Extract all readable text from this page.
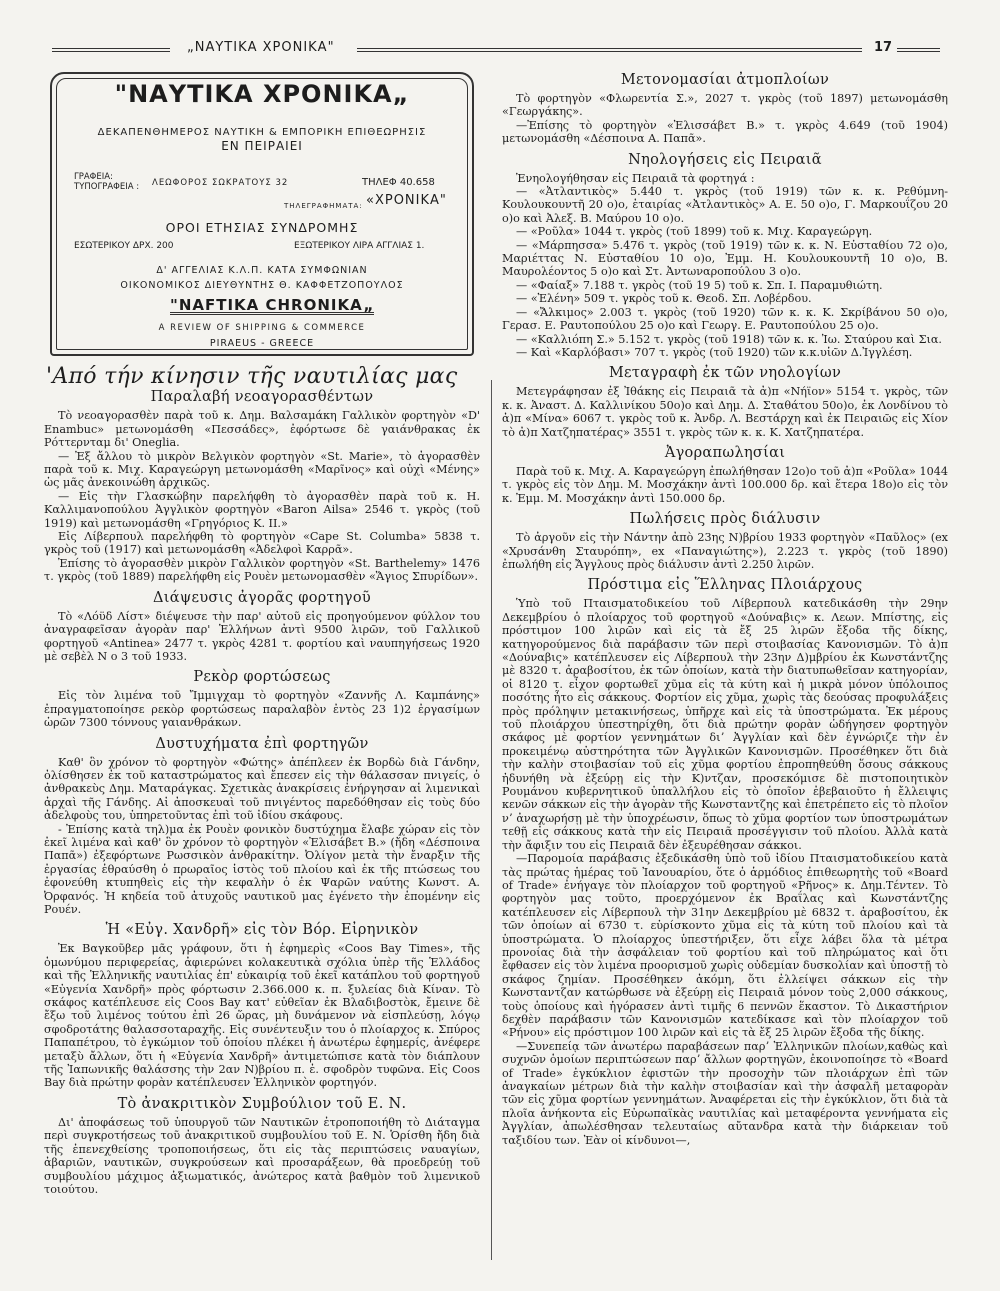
„ΝΑΥΤΙΚΑ ΧΡΟΝΙΚΑ"	17
"ΝΑΥΤΙΚΑ ΧΡΟΝΙΚΑ„
ΔΕΚΑΠΕΝΘΗΜΕΡΟΣ ΝΑΥΤΙΚΗ & ΕΜΠΟΡΙΚΗ ΕΠΙΘΕΩΡΗΣΙΣ
ΕΝ ΠΕΙΡΑΙΕΙ
ΓΡΑΦΕΙΑ:
ΤΥΠΟΓΡΑΦΕΙΑ : ΛΕΩΦΟΡΟΣ ΣΩΚΡΑΤΟΥΣ 32	ΤΗΛΕΦ 40.658
ΤΗΛΕΓΡΑΦΗΜΑΤΑ: «ΧΡΟΝΙΚΑ"
ΟΡΟΙ ΕΤΗΣΙΑΣ ΣΥΝΔΡΟΜΗΣ
ΕΣΩΤΕΡΙΚΟΥ ΔΡΧ. 200	ΕΞΩΤΕΡΙΚΟΥ ΛΙΡΑ ΑΓΓΛΙΑΣ 1.
Δ' ΑΓΓΕΛΙΑΣ Κ.Λ.Π. ΚΑΤΑ ΣΥΜΦΩΝΙΑΝ
ΟΙΚΟΝΟΜΙΚΟΣ ΔΙΕΥΘΥΝΤΗΣ Θ. ΚΑΦΦΕΤΖΟΠΟΥΛΟΣ
"NAFTIKA CHRONIKA„
A REVIEW OF SHIPPING & COMMERCE
PIRAEUS - GREECE
'Από τήν κίνησιν τῆς ναυτιλίας μας
Παραλαβή νεοαγορασθέντων

Τὸ νεοαγορασθὲν παρὰ τοῦ κ. Δημ. Βαλσαμάκη Γαλλικὸν φορτηγὸν «D' Enambuc» μετωνομάσθη «Πεσσάδες», ἐφόρτωσε δὲ γαιάνθρακας ἐκ Ρόττερνταμ δι' Oneglia.

— Ἐξ ἄλλου τὸ μικρὸν Βελγικὸν φορτηγὸν «St. Marie», τὸ ἀγορασθὲν παρὰ τοῦ κ. Μιχ. Καραγεώργη μετωνομάσθη «Μαρῖνος» καὶ οὐχὶ «Μένης» ὡς μᾶς ἀνεκοινώθη ἀρχικῶς.

— Εἰς τὴν Γλασκώβην παρελήφθη τὸ ἀγορασθὲν παρὰ τοῦ κ. Η. Καλλιμανοπούλου Ἀγγλικὸν φορτηγὸν «Baron Ailsa» 2546 τ. γκρὸς (τοῦ 1919) καὶ μετωνομάσθη «Γρηγόριος Κ. ΙΙ.»

Εἰς Λίβερπουλ παρελήφθη τὸ φορτηγὸν «Cape St. Columba» 5838 τ. γκρὸς τοῦ (1917) καὶ μετωνομάσθη «Ἀδελφοὶ Καρρᾶ».

Ἐπίσης τὸ ἀγορασθὲν μικρὸν Γαλλικὸν φορτηγὸν «St. Barthelemy» 1476 τ. γκρὸς (τοῦ 1889) παρελήφθη εἰς Ρουὲν μετωνομασθὲν «Ἅγιος Σπυρίδων».

Διάψευσις ἀγορᾶς φορτηγοῦ

Τὸ «Λόϋδ Λίστ» διέψευσε τὴν παρ' αὐτοῦ εἰς προηγούμενον φύλλον του ἀναγραφεῖσαν ἀγορὰν παρ' Ἑλλήνων ἀντὶ 9500 λιρῶν, τοῦ Γαλλικοῦ φορτηγοῦ «Antinea» 2477 τ. γκρὸς 4281 τ. φορτίου καὶ ναυπηγήσεως 1920 μὲ σεβὲλ Ν ο 3 τοῦ 1933.

Ρεκὸρ φορτώσεως

Εἰς τὸν λιμένα τοῦ Ἴμμιγχαμ τὸ φορτηγὸν «Ζαννῆς Λ. Καμπάνης» ἐπραγματοποίησε ρεκὸρ φορτώσεως παραλαβὸν ἐντὸς 23 1)2 ἐργασίμων ὡρῶν 7300 τόννους γαιανθράκων.

Δυστυχήματα ἐπὶ φορτηγῶν

Καθ' ὃν χρόνον τὸ φορτηγὸν «Φώτης» ἀπέπλεεν ἐκ Βορδὼ διὰ Γάνδην, ὀλίσθησεν ἐκ τοῦ καταστρώματος καὶ ἔπεσεν εἰς τὴν θάλασσαν πνιγείς, ὁ ἀνθρακεὺς Δημ. Ματαράγκας. Σχετικὰς ἀνακρίσεις ἐνήργησαν αἱ λιμενικαὶ ἀρχαὶ τῆς Γάνδης. Αἱ ἀποσκευαὶ τοῦ πνιγέντος παρεδόθησαν εἰς τοὺς δύο ἀδελφοὺς του, ὑπηρετοῦντας ἐπὶ τοῦ ἰδίου σκάφους.

- Ἐπίσης κατὰ τηλ)μα ἐκ Ρουὲν φονικὸν δυστύχημα ἔλαβε χώραν εἰς τὸν ἐκεῖ λιμένα καὶ καθ' ὃν χρόνον τὸ φορτηγὸν «Ἐλισάβετ Β.» (ἤδη «Δέσποινα Παπᾶ») ἐξεφόρτωνε Ρωσσικὸν ἀνθρακίτην. Ὀλίγον μετὰ τὴν ἔναρξιν τῆς ἐργασίας ἐθραύσθη ὁ πρωραῖος ἱστὸς τοῦ πλοίου καὶ ἐκ τῆς πτώσεως του ἐφονεύθη κτυπηθεὶς εἰς τὴν κεφαλὴν ὁ ἐκ Ψαρῶν ναύτης Κωνστ. Α. Ὀρφανός. Ἡ κηδεία τοῦ ἀτυχοῦς ναυτικοῦ μας ἐγένετο τὴν ἑπομένην εἰς Ρουέν.

Ἡ «Εὐγ. Χανδρῆ» εἰς τὸν Βόρ. Εἰρηνικὸν

Ἐκ Βαγκοῦβερ μᾶς γράφουν, ὅτι ἡ ἐφημερὶς «Coos Bay Times», τῆς ὁμωνύμου περιφερείας, ἀφιερώνει κολακευτικὰ σχόλια ὑπὲρ τῆς Ἑλλάδος καὶ τῆς Ἑλληνικῆς ναυτιλίας ἐπ' εὐκαιρίᾳ τοῦ ἐκεῖ κατάπλου τοῦ φορτηγοῦ «Εὐγενία Χανδρῆ» πρὸς φόρτωσιν 2.366.000 κ. π. ξυλείας διὰ Κίναν. Τὸ σκάφος κατέπλευσε εἰς Coos Bay κατ' εὐθεῖαν ἐκ Βλαδιβοστὸκ, ἔμεινε δὲ ἔξω τοῦ λιμένος τούτου ἐπὶ 26 ὥρας, μὴ δυνάμενον νὰ εἰσπλεύσῃ, λόγῳ σφοδροτάτης θαλασσοταραχῆς. Εἰς συνέντευξιν του ὁ πλοίαρχος κ. Σπύρος Παπαπέτρου, τὸ ἐγκώμιον τοῦ ὁποίου πλέκει ἡ ἀνωτέρω ἐφημερίς, ἀνέφερε μεταξὺ ἄλλων, ὅτι ἡ «Εὐγενία Χανδρῆ» ἀντιμετώπισε κατὰ τὸν διάπλουν τῆς Ἰαπωνικῆς θαλάσσης τὴν 2αν Ν)βρίου π. ἐ. σφοδρὸν τυφῶνα. Εἰς Coos Bay διὰ πρώτην φορὰν κατέπλευσεν Ἑλληνικὸν φορτηγόν.

Τὸ ἀνακριτικὸν Συμβούλιον τοῦ Ε. Ν.

Δι' ἀποφάσεως τοῦ ὑπουργοῦ τῶν Ναυτικῶν ἐτροποποιήθη τὸ Διάταγμα περὶ συγκροτήσεως τοῦ ἀνακριτικοῦ συμβουλίου τοῦ Ε. Ν. Ὁρίσθη ἤδη διὰ τῆς ἐπενεχθείσης τροποποιήσεως, ὅτι εἰς τὰς περιπτώσεις ναυαγίων, ἀβαριῶν, ναυτικῶν, συγκρούσεων καὶ προσαράξεων, θὰ προεδρεύῃ τοῦ συμβουλίου μάχιμος ἀξιωματικός, ἀνώτερος κατὰ βαθμὸν τοῦ λιμενικοῦ τοιούτου.

Μετονομασίαι ἀτμοπλοίων

Τὸ φορτηγὸν «Φλωρεντία Σ.», 2027 τ. γκρὸς (τοῦ 1897) μετωνομάσθη «Γεωργάκης».

—Ἐπίσης τὸ φορτηγὸν «Ἐλισσάβετ Β.» τ. γκρὸς 4.649 (τοῦ 1904) μετωνομάσθη «Δέσποινα Α. Παπᾶ».

Νηολογήσεις εἰς Πειραιᾶ

Ἐνηολογήθησαν εἰς Πειραιᾶ τὰ φορτηγά :

— «Ἀτλαντικὸς» 5.440 τ. γκρὸς (τοῦ 1919) τῶν κ. κ. Ρεθύμνη-Κουλουκουντῆ 20 ο)ο, ἑταιρίας «Ἀτλαντικὸς» Α. Ε. 50 ο)ο, Γ. Μαρκουΐζου 20 ο)ο καὶ Ἀλεξ. Β. Μαύρου 10 ο)ο.

— «Ροῦλα» 1044 τ. γκρὸς (τοῦ 1899) τοῦ κ. Μιχ. Καραγεώργη.

— «Μάρπησσα» 5.476 τ. γκρὸς (τοῦ 1919) τῶν κ. κ. Ν. Εὐσταθίου 72 ο)ο, Μαριέττας Ν. Εὐσταθίου 10 ο)ο, Ἐμμ. Η. Κουλουκουντῆ 10 ο)ο, Β. Μαυρολέοντος 5 ο)ο καὶ Στ. Ἀντωναροπούλου 3 ο)ο.

— «Φαίαξ» 7.188 τ. γκρὸς (τοῦ 19 5) τοῦ κ. Σπ. Ι. Παραμυθιώτη.

— «Ἑλένη» 509 τ. γκρὸς τοῦ κ. Θεοδ. Σπ. Λοβέρδου.

— «Ἄλκιμος» 2.003 τ. γκρὸς (τοῦ 1920) τῶν κ. κ. Κ. Σκρίβάνου 50 ο)ο, Γερασ. Ε. Ραυτοπούλου 25 ο)ο καὶ Γεωργ. Ε. Ραυτοπούλου 25 ο)ο.

— «Καλλιόπη Σ.» 5.152 τ. γκρὸς (τοῦ 1918) τῶν κ. κ. Ἰω. Σταύρου καὶ Σια.

— Καὶ «Καρλόβασι» 707 τ. γκρὸς (τοῦ 1920) τῶν κ.κ.υἱῶν Δ.Ἰγγλέση.

Μεταγραφὴ ἐκ τῶν νηολογίων

Μετεγράφησαν ἐξ Ἰθάκης εἰς Πειραιᾶ τὰ ἀ)π «Νήϊον» 5154 τ. γκρὸς, τῶν κ. κ. Ἀναστ. Δ. Καλλινίκου 50ο)ο καὶ Δημ. Δ. Σταθάτου 50ο)ο, ἐκ Λονδίνου τὸ ἀ)π «Μίνα» 6067 τ. γκρὸς τοῦ κ. Ἀνδρ. Λ. Βεστάρχη καὶ ἐκ Πειραιῶς εἰς Χίον τὸ ἀ)π Χατζηπατέρας» 3551 τ. γκρὸς τῶν κ. κ. Κ. Χατζηπατέρα.

Ἀγοραπωλησίαι

Παρὰ τοῦ κ. Μιχ. Α. Καραγεώργη ἐπωλήθησαν 12ο)ο τοῦ ἀ)π «Ροῦλα» 1044 τ. γκρὸς εἰς τὸν Δημ. Μ. Μοσχάκην ἀντὶ 100.000 δρ. καὶ ἕτερα 18ο)ο εἰς τὸν κ. Ἐμμ. Μ. Μοσχάκην ἀντὶ 150.000 δρ.

Πωλήσεις πρὸς διάλυσιν

Τὸ ἀργοῦν εἰς τὴν Νάντην ἀπὸ 23ης Ν)βρίου 1933 φορτηγὸν «Παῦλος» (ex «Χρυσάνθη Σταυρόπη», ex «Παναγιώτης»), 2.223 τ. γκρὸς (τοῦ 1890) ἐπωλήθη εἰς Ἄγγλους πρὸς διάλυσιν ἀντὶ 2.250 λιρῶν.

Πρόστιμα εἰς Ἕλληνας Πλοιάρχους

Ὑπὸ τοῦ Πταισματοδικείου τοῦ Λίβερπουλ κατεδικάσθη τὴν 29ην Δεκεμβρίου ὁ πλοίαρχος τοῦ φορτηγοῦ «Δούναβις» κ. Λεων. Μπίστης, εἰς πρόστιμον 100 λιρῶν καὶ εἰς τὰ ἔξ 25 λιρῶν ἔξοδα τῆς δίκης, κατηγορούμενος διὰ παράβασιν τῶν περὶ στοιβασίας Κανονισμῶν. Τὸ ἀ)π «Δούναβις» κατέπλευσεν εἰς Λίβερπουλ τὴν 23ην Δ)μβρίου ἐκ Κωνστάντζης μὲ 8320 τ. ἀραβοσίτου, ἐκ τῶν ὁποίων, κατὰ τὴν διατυπωθεῖσαν κατηγορίαν, οἱ 8120 τ. εἶχον φορτωθεῖ χῦμα εἰς τὰ κύτη καὶ ἡ μικρὰ μόνον ὑπόλοιπος ποσότης ἦτο εἰς σάκκους. Φορτίον εἰς χῦμα, χωρὶς τὰς δεούσας προφυλάξεις πρὸς πρόληψιν μετακινήσεως, ὑπῆρχε καὶ εἰς τὰ ὑποστρώματα. Ἐκ μέρους τοῦ πλοιάρχου ὑπεστηρίχθη, ὅτι διὰ πρώτην φορὰν ὡδήγησεν φορτηγὸν σκάφος μὲ φορτίον γεννημάτων διʼ Ἀγγλίαν καὶ δὲν ἐγνώριζε τὴν ἐν προκειμένῳ αὐστηρότητα τῶν Ἀγγλικῶν Κανονισμῶν. Προσέθηκεν ὅτι διὰ τὴν καλὴν στοιβασίαν τοῦ εἰς χῦμα φορτίου ἐπροπηθεύθη ὅσους σάκκους ἠδυνήθη νὰ ἐξεύρῃ εἰς τὴν Κ)ντζαν, προσεκόμισε δὲ πιστοποιητικὸν Ρουμάνου κυβερνητικοῦ ὑπαλλήλου εἰς τὸ ὁποῖον ἐβεβαιοῦτο ἡ ἔλλειψις κενῶν σάκκων εἰς τὴν ἀγορὰν τῆς Κωνσταντζης καὶ ἐπετρέπετο εἰς τὸ πλοῖον νʼ ἀναχωρήσῃ μὲ τὴν ὑποχρέωσιν, ὅπως τὸ χῦμα φορτίον των ὑποστρωμάτων τεθῇ εἰς σάκκους κατὰ τὴν εἰς Πειραιᾶ προσέγγισιν τοῦ πλοίου. Ἀλλὰ κατὰ τὴν ἄφιξιν του εἰς Πειραιᾶ δὲν ἐξευρέθησαν σάκκοι.

—Παρομοία παράβασις ἐξεδικάσθη ὑπὸ τοῦ ἰδίου Πταισματοδικείου κατὰ τὰς πρώτας ἡμέρας τοῦ Ἰανουαρίου, ὅτε ὁ ἁρμόδιος ἐπιθεωρητὴς τοῦ «Board of Trade» ἐνήγαγε τὸν πλοίαρχον τοῦ φορτηγοῦ «Ρῆνος» κ. Δημ.Τέντεν. Τὸ φορτηγὸν μας τοῦτο, προερχόμενον ἐκ Βραΐλας καὶ Κωνστάντζης κατέπλευσεν εἰς Λίβερπουλ τὴν 31ην Δεκεμβρίου μὲ 6832 τ. ἀραβοσίτου, ἐκ τῶν ὁποίων αἱ 6730 τ. εὑρίσκοντο χῦμα εἰς τὰ κύτη τοῦ πλοίου καὶ τὰ ὑποστρώματα. Ὁ πλοίαρχος ὑπεστήριξεν, ὅτι εἶχε λάβει ὅλα τὰ μέτρα προνοίας διὰ τὴν ἀσφάλειαν τοῦ φορτίου καὶ τοῦ πληρώματος καὶ ὅτι ἔφθασεν εἰς τὸν λιμένα προορισμοῦ χωρὶς οὐδεμίαν δυσκολίαν καὶ ὑποστῇ τὸ σκάφος ζημίαν. Προσέθηκεν ἀκόμη, ὅτι ἐλλείψει σάκκων εἰς τὴν Κωνσταντζαν κατώρθωσε νὰ ἐξεύρῃ εἰς Πειραιᾶ μόνον τοὺς 2,000 σάκκους, τοὺς ὁποίους καὶ ἠγόρασεν ἀντὶ τιμῆς 6 πεννῶν ἕκαστον. Τὸ Δικαστήριον δεχθὲν παράβασιν τῶν Κανονισμῶν κατεδίκασε καὶ τὸν πλοίαρχον τοῦ «Ρήνου» εἰς πρόστιμον 100 λιρῶν καὶ εἰς τὰ ἔξ 25 λιρῶν ἔξοδα τῆς δίκης.

—Συνεπείᾳ τῶν ἀνωτέρω παραβάσεων παρʼ Ἑλληνικῶν πλοίων,καθὼς καὶ συχνῶν ὁμοίων περιπτώσεων παρʼ ἄλλων φορτηγῶν, ἐκοινοποίησε τὸ «Board of Trade» ἐγκύκλιον ἐφιστῶν τὴν προσοχὴν τῶν πλοιάρχων ἐπὶ τῶν ἀναγκαίων μέτρων διὰ τὴν καλὴν στοιβασίαν καὶ τὴν ἀσφαλῆ μεταφορὰν τῶν εἰς χῦμα φορτίων γεννημάτων. Ἀναφέρεται εἰς τὴν ἐγκύκλιον, ὅτι διὰ τὰ πλοῖα ἀνήκοντα εἰς Εὐρωπαϊκὰς ναυτιλίας καὶ μεταφέροντα γεννήματα εἰς Ἀγγλίαν, ἀπωλέσθησαν τελευταίως αὔτανδρα κατὰ τὴν διάρκειαν τοῦ ταξιδίου των. Ἐὰν οἱ κίνδυνοι—,
